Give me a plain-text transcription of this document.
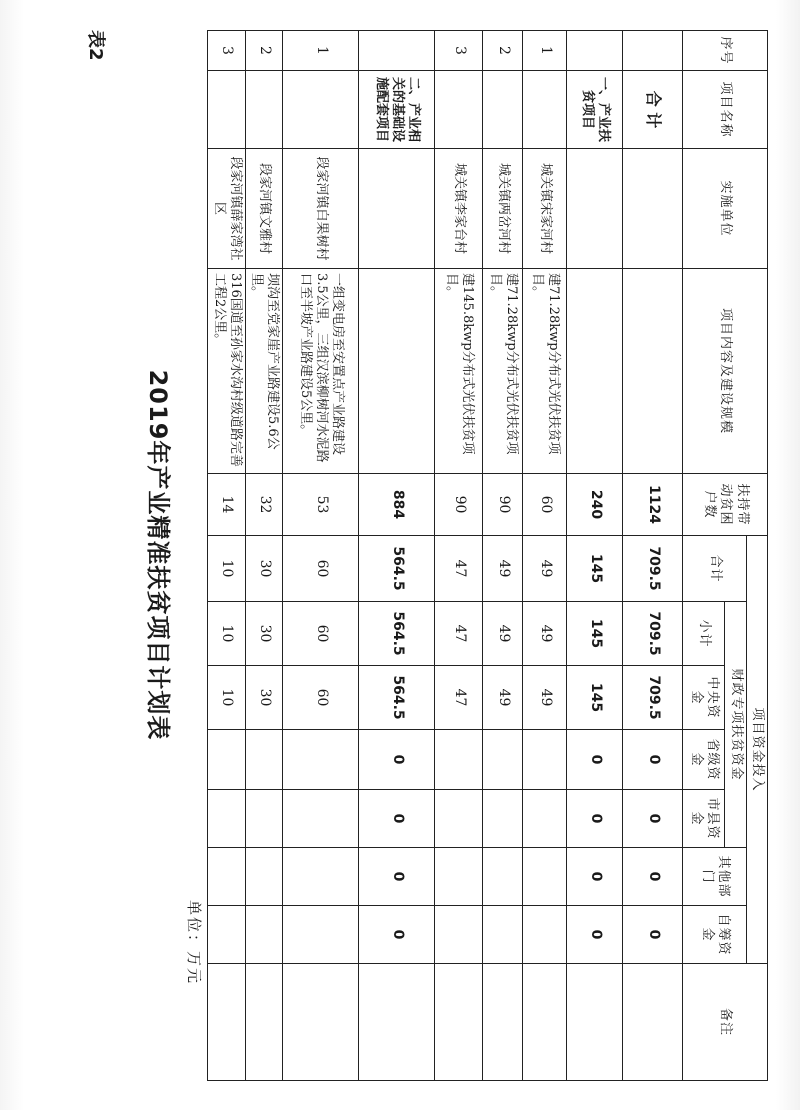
序号	项目名称	实施单位	项目内容及建设规模	扶持带动贫困户数	项目资金投入							备注
					合计	财政专项扶贫资金				其他部门	自筹资金	
						小计	中央资金	省级资金	市县资金			

	合 计			1124	709.5	709.5	709.5	0	0	0	0	
	一、产业扶贫项目			240	145	145	145	0	0	0	0	
1		城关镇宋家河村	建71.28kwp分布式光伏扶贫项目。	60	49	49	49					
2		城关镇两岔河村	建71.28kwp分布式光伏扶贫项目。	90	49	49	49					
3		城关镇李家台村	建145.8kwp分布式光伏扶贫项目。	90	47	47	47					
	二、产业相关的基础设施配套项目			884	564.5	564.5	564.5	0	0	0	0	
1		段家河镇白果树村	一组变电房至安置点产业路建设3.5公里，三组汉滨柳树河水泥路口至半坡产业路建设5公里。	53	60	60	60					
2		段家河镇文雅村	坝沟至党家崖产业路建设5.6公里。	32	30	30	30					
3		段家河镇薛家湾社区	316国道至孙家水沟村级道路完善工程2公里。	14	10	10	10					
单位：万元
2019年产业精准扶贫项目计划表
表2
